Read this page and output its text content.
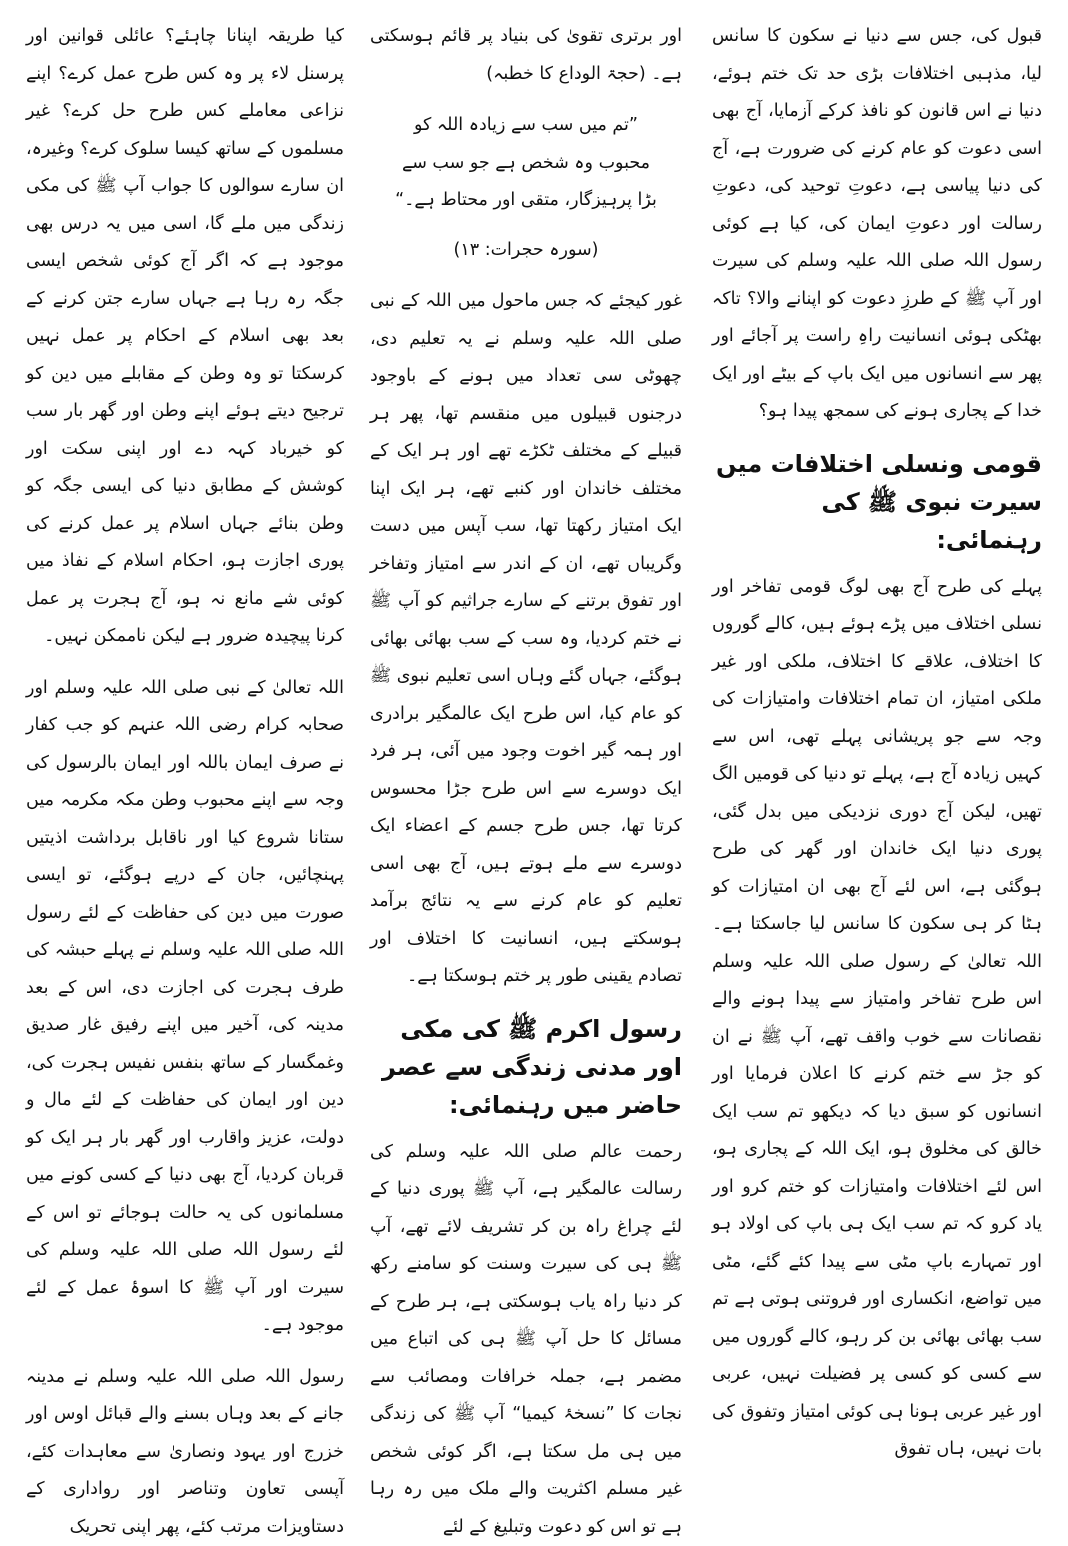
قبول کی، جس سے دنیا نے سکون کا سانس لیا، مذہبی اختلافات بڑی حد تک ختم ہوئے، دنیا نے اس قانون کو نافذ کرکے آزمایا، آج بھی اسی دعوت کو عام کرنے کی ضرورت ہے، آج کی دنیا پیاسی ہے، دعوتِ توحید کی، دعوتِ رسالت اور دعوتِ ایمان کی، کیا ہے کوئی رسول اللہ صلی اللہ علیہ وسلم کی سیرت اور آپ ﷺ کے طرزِ دعوت کو اپنانے والا؟ تاکہ بھٹکی ہوئی انسانیت راہِ راست پر آجائے اور پھر سے انسانوں میں ایک باپ کے بیٹے اور ایک خدا کے پجاری ہونے کی سمجھ پیدا ہو؟

قومی ونسلی اختلافات میں سیرت نبوی ﷺ کی رہنمائی:

پہلے کی طرح آج بھی لوگ قومی تفاخر اور نسلی اختلاف میں پڑے ہوئے ہیں، کالے گوروں کا اختلاف، علاقے کا اختلاف، ملکی اور غیر ملکی امتیاز، ان تمام اختلافات وامتیازات کی وجہ سے جو پریشانی پہلے تھی، اس سے کہیں زیادہ آج ہے، پہلے تو دنیا کی قومیں الگ تھیں، لیکن آج دوری نزدیکی میں بدل گئی، پوری دنیا ایک خاندان اور گھر کی طرح ہوگئی ہے، اس لئے آج بھی ان امتیازات کو ہٹا کر ہی سکون کا سانس لیا جاسکتا ہے۔ اللہ تعالیٰ کے رسول صلی اللہ علیہ وسلم اس طرح تفاخر وامتیاز سے پیدا ہونے والے نقصانات سے خوب واقف تھے، آپ ﷺ نے ان کو جڑ سے ختم کرنے کا اعلان فرمایا اور انسانوں کو سبق دیا کہ دیکھو تم سب ایک خالق کی مخلوق ہو، ایک اللہ کے پجاری ہو، اس لئے اختلافات وامتیازات کو ختم کرو اور یاد کرو کہ تم سب ایک ہی باپ کی اولاد ہو اور تمہارے باپ مٹی سے پیدا کئے گئے، مٹی میں تواضع، انکساری اور فروتنی ہوتی ہے تم سب بھائی بھائی بن کر رہو، کالے گوروں میں سے کسی کو کسی پر فضیلت نہیں، عربی اور غیر عربی ہونا ہی کوئی امتیاز وتفوق کی بات نہیں، ہاں تفوق

اور برتری تقویٰ کی بنیاد پر قائم ہوسکتی ہے۔ (حجۃ الوداع کا خطبہ)

”تم میں سب سے زیادہ اللہ کو محبوب وہ شخص ہے جو سب سے بڑا پرہیزگار، متقی اور محتاط ہے۔“

(سورہ حجرات: ۱۳)

غور کیجئے کہ جس ماحول میں اللہ کے نبی صلی اللہ علیہ وسلم نے یہ تعلیم دی، چھوٹی سی تعداد میں ہونے کے باوجود درجنوں قبیلوں میں منقسم تھا، پھر ہر قبیلے کے مختلف ٹکڑے تھے اور ہر ایک کے مختلف خاندان اور کنبے تھے، ہر ایک اپنا ایک امتیاز رکھتا تھا، سب آپس میں دست وگریباں تھے، ان کے اندر سے امتیاز وتفاخر اور تفوق برتنے کے سارے جراثیم کو آپ ﷺ نے ختم کردیا، وہ سب کے سب بھائی بھائی ہوگئے، جہاں گئے وہاں اسی تعلیم نبوی ﷺ کو عام کیا، اس طرح ایک عالمگیر برادری اور ہمہ گیر اخوت وجود میں آئی، ہر فرد ایک دوسرے سے اس طرح جڑا محسوس کرتا تھا، جس طرح جسم کے اعضاء ایک دوسرے سے ملے ہوتے ہیں، آج بھی اسی تعلیم کو عام کرنے سے یہ نتائج برآمد ہوسکتے ہیں، انسانیت کا اختلاف اور تصادم یقینی طور پر ختم ہوسکتا ہے۔

رسول اکرم ﷺ کی مکی اور مدنی زندگی سے عصر حاضر میں رہنمائی:

رحمت عالم صلی اللہ علیہ وسلم کی رسالت عالمگیر ہے، آپ ﷺ پوری دنیا کے لئے چراغ راہ بن کر تشریف لائے تھے، آپ ﷺ ہی کی سیرت وسنت کو سامنے رکھ کر دنیا راہ یاب ہوسکتی ہے، ہر طرح کے مسائل کا حل آپ ﷺ ہی کی اتباع میں مضمر ہے، جملہ خرافات ومصائب سے نجات کا ”نسخۂ کیمیا“ آپ ﷺ کی زندگی میں ہی مل سکتا ہے، اگر کوئی شخص غیر مسلم اکثریت والے ملک میں رہ رہا ہے تو اس کو دعوت وتبلیغ کے لئے

کیا طریقہ اپنانا چاہئے؟ عائلی قوانین اور پرسنل لاء پر وہ کس طرح عمل کرے؟ اپنے نزاعی معاملے کس طرح حل کرے؟ غیر مسلموں کے ساتھ کیسا سلوک کرے؟ وغیرہ، ان سارے سوالوں کا جواب آپ ﷺ کی مکی زندگی میں ملے گا، اسی میں یہ درس بھی موجود ہے کہ اگر آج کوئی شخص ایسی جگہ رہ رہا ہے جہاں سارے جتن کرنے کے بعد بھی اسلام کے احکام پر عمل نہیں کرسکتا تو وہ وطن کے مقابلے میں دین کو ترجیح دیتے ہوئے اپنے وطن اور گھر بار سب کو خیرباد کہہ دے اور اپنی سکت اور کوشش کے مطابق دنیا کی ایسی جگہ کو وطن بنائے جہاں اسلام پر عمل کرنے کی پوری اجازت ہو، احکام اسلام کے نفاذ میں کوئی شے مانع نہ ہو، آج ہجرت پر عمل کرنا پیچیدہ ضرور ہے لیکن ناممکن نہیں۔

اللہ تعالیٰ کے نبی صلی اللہ علیہ وسلم اور صحابہ کرام رضی اللہ عنہم کو جب کفار نے صرف ایمان باللہ اور ایمان بالرسول کی وجہ سے اپنے محبوب وطن مکہ مکرمہ میں ستانا شروع کیا اور ناقابل برداشت اذیتیں پہنچائیں، جان کے درپے ہوگئے، تو ایسی صورت میں دین کی حفاظت کے لئے رسول اللہ صلی اللہ علیہ وسلم نے پہلے حبشہ کی طرف ہجرت کی اجازت دی، اس کے بعد مدینہ کی، آخیر میں اپنے رفیق غار صدیق وغمگسار کے ساتھ بنفس نفیس ہجرت کی، دین اور ایمان کی حفاظت کے لئے مال و دولت، عزیز واقارب اور گھر بار ہر ایک کو قربان کردیا، آج بھی دنیا کے کسی کونے میں مسلمانوں کی یہ حالت ہوجائے تو اس کے لئے رسول اللہ صلی اللہ علیہ وسلم کی سیرت اور آپ ﷺ کا اسوۂ عمل کے لئے موجود ہے۔

رسول اللہ صلی اللہ علیہ وسلم نے مدینہ جانے کے بعد وہاں بسنے والے قبائل اوس اور خزرج اور یہود ونصاریٰ سے معاہدات کئے، آپسی تعاون وتناصر اور رواداری کے دستاویزات مرتب کئے، پھر اپنی تحریک
